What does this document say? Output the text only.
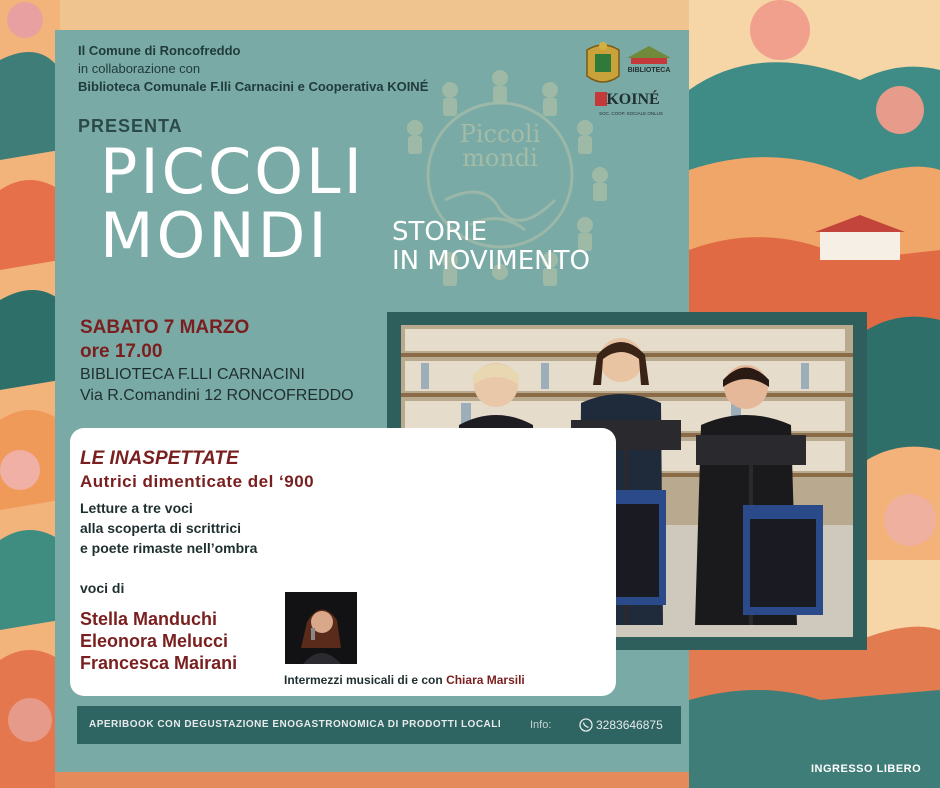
Piccoli
mondi
Il Comune di Roncofreddo
in collaborazione con
Biblioteca Comunale F.lli Carnacini e Cooperativa KOINÉ
BIBLIOTECA
KOINÉ
SOC. COOP. SOCIALE ONLUS
PRESENTA
PICCOLI
MONDI	STORIE
IN MOVIMENTO
SABATO 7 MARZO
ore 17.00
BIBLIOTECA F.LLI CARNACINI
Via R.Comandini 12 RONCOFREDDO
LE INASPETTATE
Autrici dimenticate del ‘900
Letture a tre voci
alla scoperta di scrittrici
e poete rimaste nell’ombra
voci di
Stella Manduchi
Eleonora Melucci
Francesca Mairani
Intermezzi musicali di e con Chiara Marsili
APERIBOOK CON DEGUSTAZIONE ENOGASTRONOMICA DI PRODOTTI LOCALI	Info:	3283646875
INGRESSO LIBERO
